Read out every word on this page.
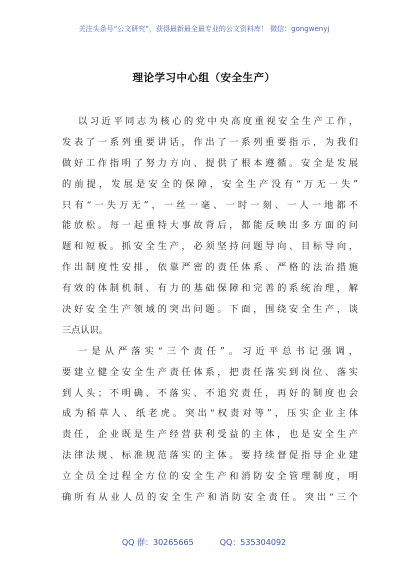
关注头条号“公文研究”，获得最新最全最专业的公文资料库！ 微信：gongwenyj
理论学习中心组（安全生产）
以习近平同志为核心的党中央高度重视安全生产工作，
发表了一系列重要讲话，作出了一系列重要指示，为我们
做好工作指明了努力方向、提供了根本遵循。安全是发展
的前提，发展是安全的保障，安全生产没有“万无一失”
只有“一失万无”，一丝一毫、一时一刻、一人一地都不
能放松。每一起重特大事故背后，都能反映出多方面的问
题和短板。抓安全生产，必须坚持问题导向、目标导向，
作出制度性安排，依靠严密的责任体系、严格的法治措施
有效的体制机制、有力的基础保障和完善的系统治理，解
决好安全生产领域的突出问题。下面，围绕安全生产，谈
三点认识。
一是从严落实“三个责任”。习近平总书记强调，
要建立健全安全生产责任体系，把责任落实到岗位、落实
到人头；不明确、不落实、不追究责任，再好的制度也会
成为稻草人、纸老虎。突出“权责对等”，压实企业主体
责任，企业既是生产经营获利受益的主体，也是安全生产
法律法规、标准规范落实的主体。要持续督促指导企业建
立全员全过程全方位的安全生产和消防安全管理制度，明
确所有从业人员的安全生产和消防安全责任。突出“三个
QQ 群：30265665	QQ：535304092
